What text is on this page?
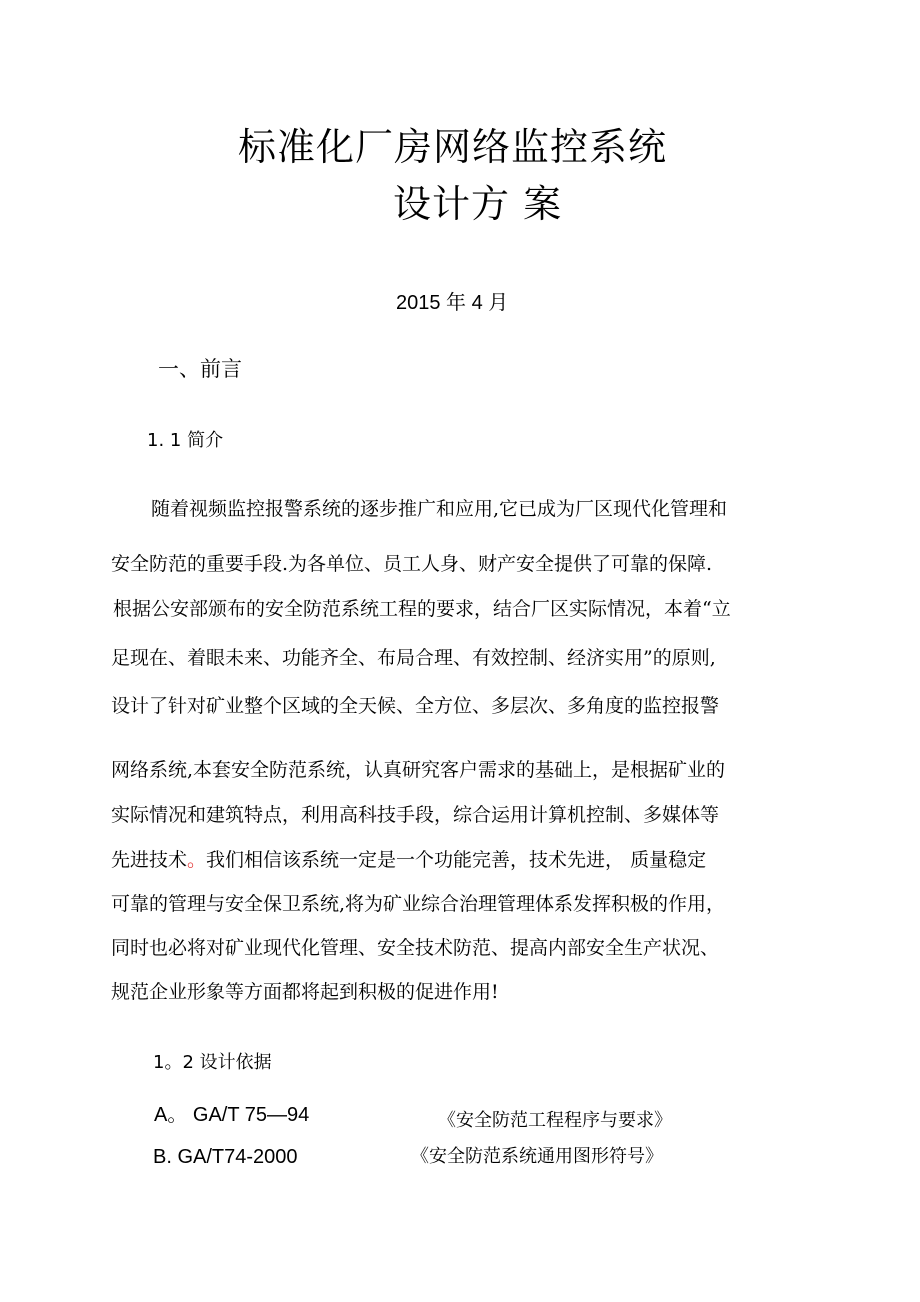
标准化厂房网络监控系统
设计方 案
2015 年 4 月
一、前言
1. 1 简介
随着视频监控报警系统的逐步推广和应用,它已成为厂区现代化管理和
安全防范的重要手段.为各单位、员工人身、财产安全提供了可靠的保障.
根据公安部颁布的安全防范系统工程的要求，结合厂区实际情况，本着“立
足现在、着眼未来、功能齐全、布局合理、有效控制、经济实用”的原则,
设计了针对矿业整个区域的全天候、全方位、多层次、多角度的监控报警
网络系统,本套安全防范系统，认真研究客户需求的基础上，是根据矿业的
实际情况和建筑特点，利用高科技手段，综合运用计算机控制、多媒体等
先进技术。我们相信该系统一定是一个功能完善，技术先进， 质量稳定
可靠的管理与安全保卫系统,将为矿业综合治理管理体系发挥积极的作用，
同时也必将对矿业现代化管理、安全技术防范、提高内部安全生产状况、
规范企业形象等方面都将起到积极的促进作用!
1。2 设计依据
A。 GA/T 75—94	《安全防范工程程序与要求》
B. GA/T74-2000	《安全防范系统通用图形符号》
